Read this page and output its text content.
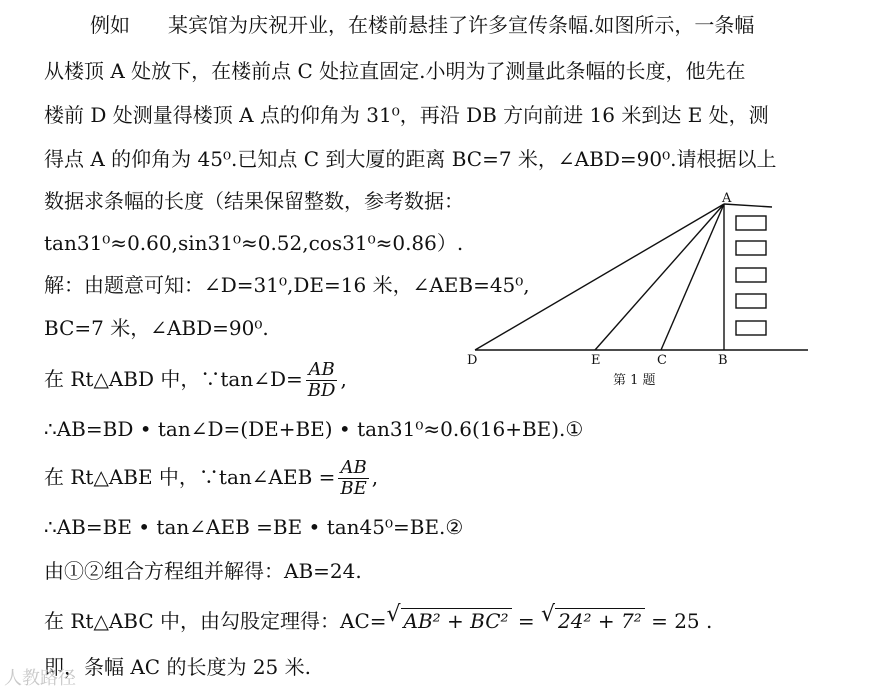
例如 某宾馆为庆祝开业，在楼前悬挂了许多宣传条幅.如图所示，一条幅
从楼顶 A 处放下，在楼前点 C 处拉直固定.小明为了测量此条幅的长度，他先在
楼前 D 处测量得楼顶 A 点的仰角为 31⁰，再沿 DB 方向前进 16 米到达 E 处，测
得点 A 的仰角为 45⁰.已知点 C 到大厦的距离 BC=7 米，∠ABD=90⁰.请根据以上
数据求条幅的长度（结果保留整数，参考数据：
tan31⁰≈0.60,sin31⁰≈0.52,cos31⁰≈0.86）.
解：由题意可知：∠D=31⁰,DE=16 米，∠AEB=45⁰,
BC=7 米，∠ABD=90⁰.
在 Rt△ABD 中，∵tan∠D= $\frac{AB}{BD}$ ,
∴AB=BD • tan∠D=(DE+BE) • tan31⁰≈0.6(16+BE).①
在 Rt△ABE 中，∵tan∠AEB = $\frac{AB}{BE}$ ,
∴AB=BE • tan∠AEB =BE • tan45⁰=BE.②
由①②组合方程组并解得：AB=24.
在 Rt△ABC 中，由勾股定理得：AC= √ AB² + BC² = √ 24² + 7² = 25 .
即，条幅 AC 的长度为 25 米.
A
D	E	C	B
第 1 题
人教路径
